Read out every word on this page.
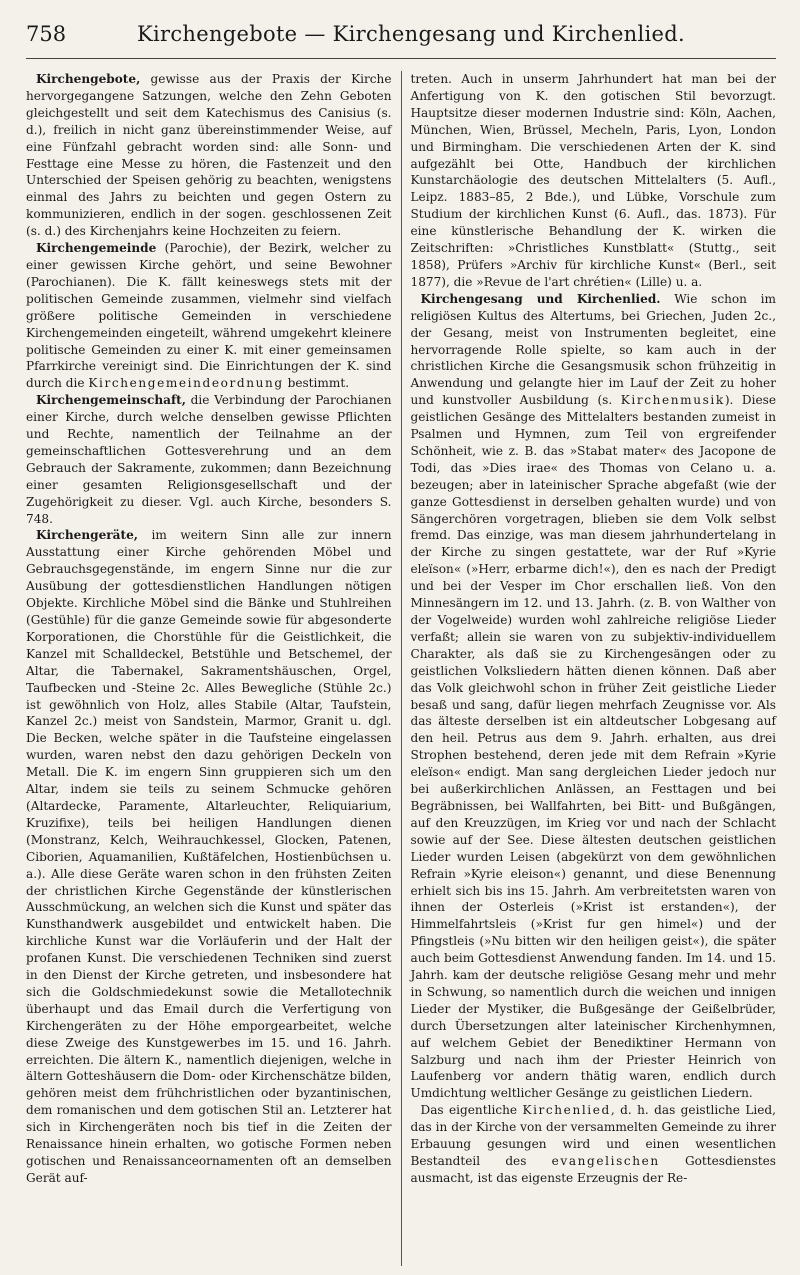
758	Kirchengebote — Kirchengesang und Kirchenlied.

Kirchengebote, gewisse aus der Praxis der Kirche hervorgegangene Satzungen, welche den Zehn Geboten gleichgestellt und seit dem Katechismus des Canisius (s. d.), freilich in nicht ganz übereinstimmender Weise, auf eine Fünfzahl gebracht worden sind: alle Sonn- und Festtage eine Messe zu hören, die Fastenzeit und den Unterschied der Speisen gehörig zu beachten, wenigstens einmal des Jahrs zu beichten und gegen Ostern zu kommunizieren, endlich in der sogen. geschlossenen Zeit (s. d.) des Kirchenjahrs keine Hochzeiten zu feiern.

Kirchengemeinde (Parochie), der Bezirk, welcher zu einer gewissen Kirche gehört, und seine Bewohner (Parochianen). Die K. fällt keineswegs stets mit der politischen Gemeinde zusammen, vielmehr sind vielfach größere politische Gemeinden in verschiedene Kirchengemeinden eingeteilt, während umgekehrt kleinere politische Gemeinden zu einer K. mit einer gemeinsamen Pfarrkirche vereinigt sind. Die Einrichtungen der K. sind durch die Kirchengemeindeordnung bestimmt.

Kirchengemeinschaft, die Verbindung der Parochianen einer Kirche, durch welche denselben gewisse Pflichten und Rechte, namentlich der Teilnahme an der gemeinschaftlichen Gottesverehrung und an dem Gebrauch der Sakramente, zukommen; dann Bezeichnung einer gesamten Religionsgesellschaft und der Zugehörigkeit zu dieser. Vgl. auch Kirche, besonders S. 748.

Kirchengeräte, im weitern Sinn alle zur innern Ausstattung einer Kirche gehörenden Möbel und Gebrauchsgegenstände, im engern Sinne nur die zur Ausübung der gottesdienstlichen Handlungen nötigen Objekte. Kirchliche Möbel sind die Bänke und Stuhlreihen (Gestühle) für die ganze Gemeinde sowie für abgesonderte Korporationen, die Chorstühle für die Geistlichkeit, die Kanzel mit Schalldeckel, Betstühle und Betschemel, der Altar, die Tabernakel, Sakramentshäuschen, Orgel, Taufbecken und -Steine 2c. Alles Bewegliche (Stühle 2c.) ist gewöhnlich von Holz, alles Stabile (Altar, Taufstein, Kanzel 2c.) meist von Sandstein, Marmor, Granit u. dgl. Die Becken, welche später in die Taufsteine eingelassen wurden, waren nebst den dazu gehörigen Deckeln von Metall. Die K. im engern Sinn gruppieren sich um den Altar, indem sie teils zu seinem Schmucke gehören (Altardecke, Paramente, Altarleuchter, Reliquiarium, Kruzifixe), teils bei heiligen Handlungen dienen (Monstranz, Kelch, Weihrauchkessel, Glocken, Patenen, Ciborien, Aquamanilien, Kußtäfelchen, Hostienbüchsen u. a.). Alle diese Geräte waren schon in den frühsten Zeiten der christlichen Kirche Gegenstände der künstlerischen Ausschmückung, an welchen sich die Kunst und später das Kunsthandwerk ausgebildet und entwickelt haben. Die kirchliche Kunst war die Vorläuferin und der Halt der profanen Kunst. Die verschiedenen Techniken sind zuerst in den Dienst der Kirche getreten, und insbesondere hat sich die Goldschmiedekunst sowie die Metallotechnik überhaupt und das Email durch die Verfertigung von Kirchengeräten zu der Höhe emporgearbeitet, welche diese Zweige des Kunstgewerbes im 15. und 16. Jahrh. erreichten. Die ältern K., namentlich diejenigen, welche in ältern Gotteshäusern die Dom- oder Kirchenschätze bilden, gehören meist dem frühchristlichen oder byzantinischen, dem romanischen und dem gotischen Stil an. Letzterer hat sich in Kirchengeräten noch bis tief in die Zeiten der Renaissance hinein erhalten, wo gotische Formen neben gotischen und Renaissanceornamenten oft an demselben Gerät auf-

treten. Auch in unserm Jahrhundert hat man bei der Anfertigung von K. den gotischen Stil bevorzugt. Hauptsitze dieser modernen Industrie sind: Köln, Aachen, München, Wien, Brüssel, Mecheln, Paris, Lyon, London und Birmingham. Die verschiedenen Arten der K. sind aufgezählt bei Otte, Handbuch der kirchlichen Kunstarchäologie des deutschen Mittelalters (5. Aufl., Leipz. 1883–85, 2 Bde.), und Lübke, Vorschule zum Studium der kirchlichen Kunst (6. Aufl., das. 1873). Für eine künstlerische Behandlung der K. wirken die Zeitschriften: »Christliches Kunstblatt« (Stuttg., seit 1858), Prüfers »Archiv für kirchliche Kunst« (Berl., seit 1877), die »Revue de l'art chrétien« (Lille) u. a.

Kirchengesang und Kirchenlied. Wie schon im religiösen Kultus des Altertums, bei Griechen, Juden 2c., der Gesang, meist von Instrumenten begleitet, eine hervorragende Rolle spielte, so kam auch in der christlichen Kirche die Gesangsmusik schon frühzeitig in Anwendung und gelangte hier im Lauf der Zeit zu hoher und kunstvoller Ausbildung (s. Kirchenmusik). Diese geistlichen Gesänge des Mittelalters bestanden zumeist in Psalmen und Hymnen, zum Teil von ergreifender Schönheit, wie z. B. das »Stabat mater« des Jacopone de Todi, das »Dies irae« des Thomas von Celano u. a. bezeugen; aber in lateinischer Sprache abgefaßt (wie der ganze Gottesdienst in derselben gehalten wurde) und von Sängerchören vorgetragen, blieben sie dem Volk selbst fremd. Das einzige, was man diesem jahrhundertelang in der Kirche zu singen gestattete, war der Ruf »Kyrie eleïson« (»Herr, erbarme dich!«), den es nach der Predigt und bei der Vesper im Chor erschallen ließ. Von den Minnesängern im 12. und 13. Jahrh. (z. B. von Walther von der Vogelweide) wurden wohl zahlreiche religiöse Lieder verfaßt; allein sie waren von zu subjektiv-individuellem Charakter, als daß sie zu Kirchengesängen oder zu geistlichen Volksliedern hätten dienen können. Daß aber das Volk gleichwohl schon in früher Zeit geistliche Lieder besaß und sang, dafür liegen mehrfach Zeugnisse vor. Als das älteste derselben ist ein altdeutscher Lobgesang auf den heil. Petrus aus dem 9. Jahrh. erhalten, aus drei Strophen bestehend, deren jede mit dem Refrain »Kyrie eleïson« endigt. Man sang dergleichen Lieder jedoch nur bei außerkirchlichen Anlässen, an Festtagen und bei Begräbnissen, bei Wallfahrten, bei Bitt- und Bußgängen, auf den Kreuzzügen, im Krieg vor und nach der Schlacht sowie auf der See. Diese ältesten deutschen geistlichen Lieder wurden Leisen (abgekürzt von dem gewöhnlichen Refrain »Kyrie eleison«) genannt, und diese Benennung erhielt sich bis ins 15. Jahrh. Am verbreitetsten waren von ihnen der Osterleis (»Krist ist erstanden«), der Himmelfahrtsleis (»Krist fur gen himel«) und der Pfingstleis (»Nu bitten wir den heiligen geist«), die später auch beim Gottesdienst Anwendung fanden. Im 14. und 15. Jahrh. kam der deutsche religiöse Gesang mehr und mehr in Schwung, so namentlich durch die weichen und innigen Lieder der Mystiker, die Bußgesänge der Geißelbrüder, durch Übersetzungen alter lateinischer Kirchenhymnen, auf welchem Gebiet der Benediktiner Hermann von Salzburg und nach ihm der Priester Heinrich von Laufenberg vor andern thätig waren, endlich durch Umdichtung weltlicher Gesänge zu geistlichen Liedern.

Das eigentliche Kirchenlied, d. h. das geistliche Lied, das in der Kirche von der versammelten Gemeinde zu ihrer Erbauung gesungen wird und einen wesentlichen Bestandteil des evangelischen Gottesdienstes ausmacht, ist das eigenste Erzeugnis der Re-
